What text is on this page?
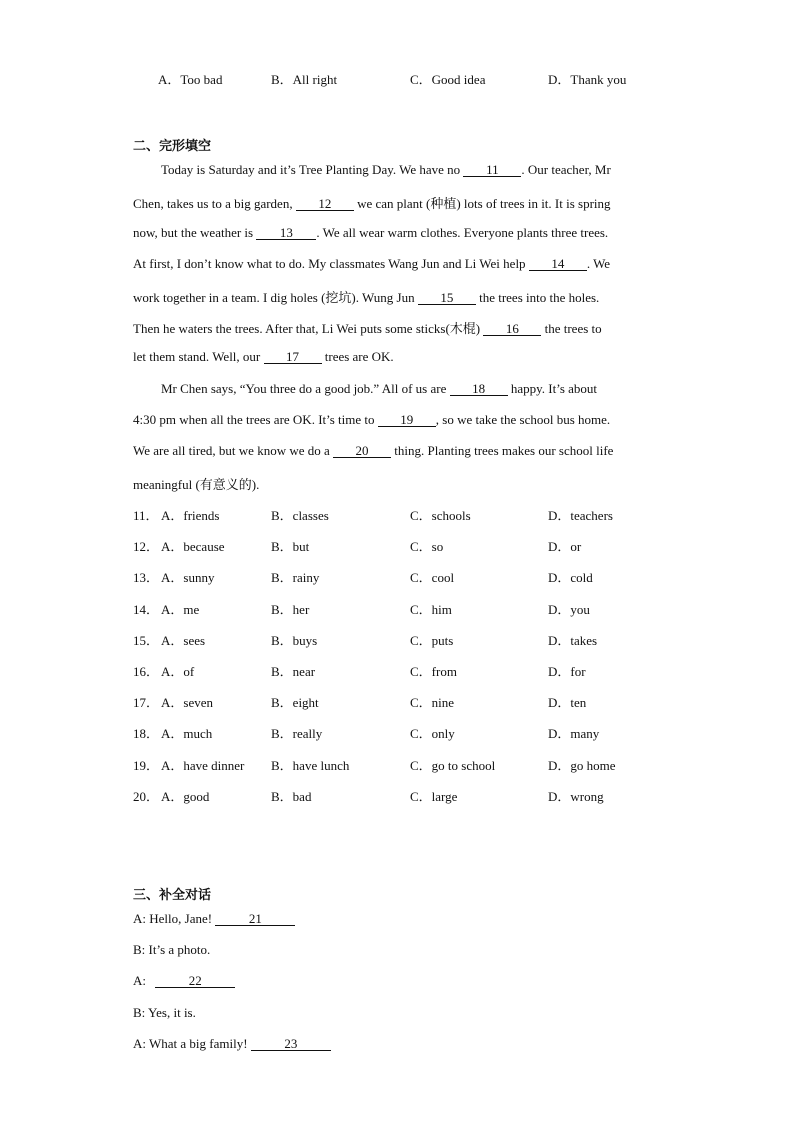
A．Too bad	B．All right	C．Good idea	D．Thank you
二、完形填空
Today is Saturday and it’s Tree Planting Day. We have no 11 . Our teacher, Mr
Chen, takes us to a big garden, 12 we can plant (种植) lots of trees in it. It is spring
now, but the weather is 13 . We all wear warm clothes. Everyone plants three trees.
At first, I don’t know what to do. My classmates Wang Jun and Li Wei help 14 . We
work together in a team. I dig holes (挖坑). Wung Jun 15 the trees into the holes.
Then he waters the trees. After that, Li Wei puts some sticks(木棍) 16 the trees to
let them stand. Well, our 17 trees are OK.
Mr Chen says, “You three do a good job.” All of us are 18 happy. It’s about
4:30 pm when all the trees are OK. It’s time to 19 , so we take the school bus home.
We are all tired, but we know we do a 20 thing. Planting trees makes our school life
meaningful (有意义的).
11． A．friends	B．classes	C．schools	D．teachers
12． A．because	B．but	C．so	D．or
13． A．sunny	B．rainy	C．cool	D．cold
14． A．me	B．her	C．him	D．you
15． A．sees	B．buys	C．puts	D．takes
16． A．of	B．near	C．from	D．for
17． A．seven	B．eight	C．nine	D．ten
18． A．much	B．really	C．only	D．many
19． A．have dinner B．have lunch	C．go to school	D．go home
20． A．good	B．bad	C．large	D．wrong
三、补全对话
A: Hello, Jane!	21
B: It’s a photo.
A:	22
B: Yes, it is.
A: What a big family!	23
